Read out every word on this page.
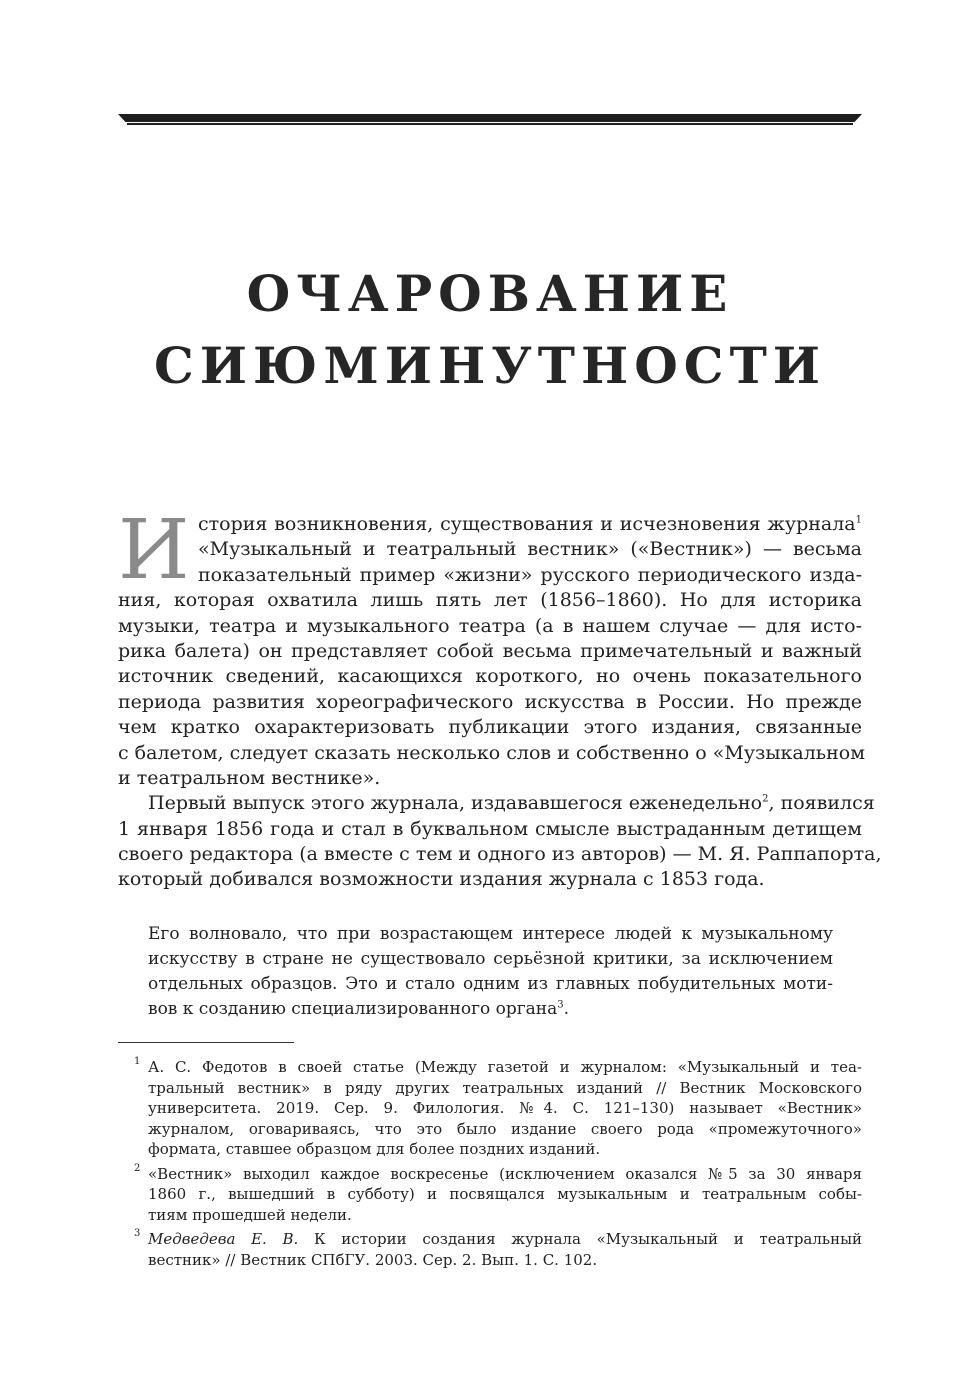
ОЧАРОВАНИЕ
СИЮМИНУТНОСТИ
И стория возникновения, существования и исчезновения журнала$^1$
«Музыкальный и театральный вестник» («Вестник») — весьма
показательный пример «жизни» русского периодического изда-
ния, которая охватила лишь пять лет (1856–1860). Но для историка
музыки, театра и музыкального театра (а в нашем случае — для исто-
рика балета) он представляет собой весьма примечательный и важный
источник сведений, касающихся короткого, но очень показательного
периода развития хореографического искусства в России. Но прежде
чем кратко охарактеризовать публикации этого издания, связанные
с балетом, следует сказать несколько слов и собственно о «Музыкальном
и театральном вестнике».
Первый выпуск этого журнала, издававшегося еженедельно$^2$, появился
1 января 1856 года и стал в буквальном смысле выстраданным детищем
своего редактора (а вместе с тем и одного из авторов) — М. Я. Раппапорта,
который добивался возможности издания журнала с 1853 года.
Его волновало, что при возрастающем интересе людей к музыкальному
искусству в стране не существовало серьёзной критики, за исключением
отдельных образцов. Это и стало одним из главных побудительных моти-
вов к созданию специализированного органа$^3$.
1 А. С. Федотов в своей статье (Между газетой и журналом: «Музыкальный и теа-
тральный вестник» в ряду других театральных изданий // Вестник Московского
университета. 2019. Сер. 9. Филология. №4. С. 121–130) называет «Вестник»
журналом, оговариваясь, что это было издание своего рода «промежуточного»
формата, ставшее образцом для более поздних изданий.
2 «Вестник» выходил каждое воскресенье (исключением оказался №5 за 30 января
1860 г., вышедший в субботу) и посвящался музыкальным и театральным собы-
тиям прошедшей недели.
3 Медведева Е. В. К истории создания журнала «Музыкальный и театральный
вестник» // Вестник СПбГУ. 2003. Сер. 2. Вып. 1. С. 102.
